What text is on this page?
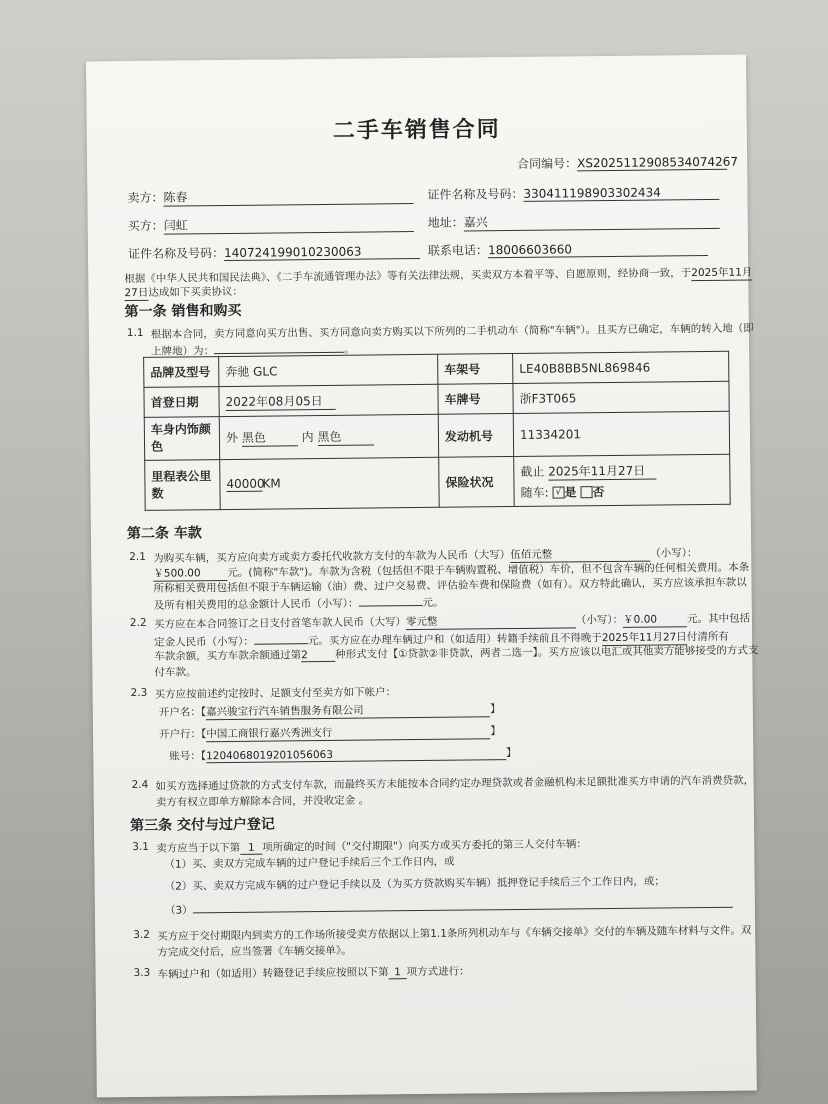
二手车销售合同
合同编号：XS2025112908534074267
卖方：陈春	证件名称及号码：330411198903302434
买方：闫虹	地址：嘉兴
证件名称及号码：140724199010230063	联系电话：18006603660
根据《中华人民共和国民法典》、《二手车流通管理办法》等有关法律法规，买卖双方本着平等、自愿原则，经协商一致，于2025年11月
27日达成如下买卖协议：
第一条 销售和购买
1.1 根据本合同，卖方同意向买方出售、买方同意向卖方购买以下所列的二手机动车（简称"车辆"）。且买方已确定，车辆的转入地（即
上牌地）为：	。
品牌及型号	奔驰 GLC	车架号	LE40B8BB5NL869846
首登日期	2022年08月05日	车牌号	浙F3T065
车身内饰颜色	外 黑色 内 黑色	发动机号	11334201
里程表公里数	40000KM	保险状况	截止 2025年11月27日
随车: √ 是 否
第二条 车款
2.1 为购买车辆，买方应向卖方或卖方委托代收款方支付的车款为人民币（大写）伍佰元整	（小写）：
￥500.00	元。(简称"车款")。车款为含税（包括但不限于车辆购置税、增值税）车价，但不包含车辆的任何相关费用。本条
所称相关费用包括但不限于车辆运输（油）费、过户交易费、评估验车费和保险费（如有）。双方特此确认，买方应该承担车款以
及所有相关费用的总金额计人民币（小写）：	元。
2.2 买方应在本合同签订之日支付首笔车款人民币（大写）零元整	（小写）：￥0.00	元。其中包括
定金人民币（小写）：	元。买方应在办理车辆过户和（如适用）转籍手续前且不得晚于2025年11月27日付清所有
车款余额，买方车款余额通过第2	种形式支付【①贷款②非贷款，两者二选一】。买方应该以电汇或其他卖方能够接受的方式支
付车款。
2.3 买方应按前述约定按时、足额支付至卖方如下帐户：
开户名：【嘉兴骏宝行汽车销售服务有限公司	】
开户行：【中国工商银行嘉兴秀洲支行	】
账号：【1204068019201056063	】
2.4 如买方选择通过贷款的方式支付车款，而最终买方未能按本合同约定办理贷款或者金融机构未足额批准买方申请的汽车消费贷款，
卖方有权立即单方解除本合同，并没收定金 。
第三条 交付与过户登记
3.1 卖方应当于以下第 1 项所确定的时间（"交付期限"）向买方或买方委托的第三人交付车辆：
（1）买、卖双方完成车辆的过户登记手续后三个工作日内，或
（2）买、卖双方完成车辆的过户登记手续以及（为买方贷款购买车辆）抵押登记手续后三个工作日内，或；
（3）
3.2 买方应于交付期限内到卖方的工作场所接受卖方依据以上第1.1条所列机动车与《车辆交接单》交付的车辆及随车材料与文件。双
方完成交付后，应当签署《车辆交接单》。
3.3 车辆过户和（如适用）转籍登记手续应按照以下第 1 项方式进行：
